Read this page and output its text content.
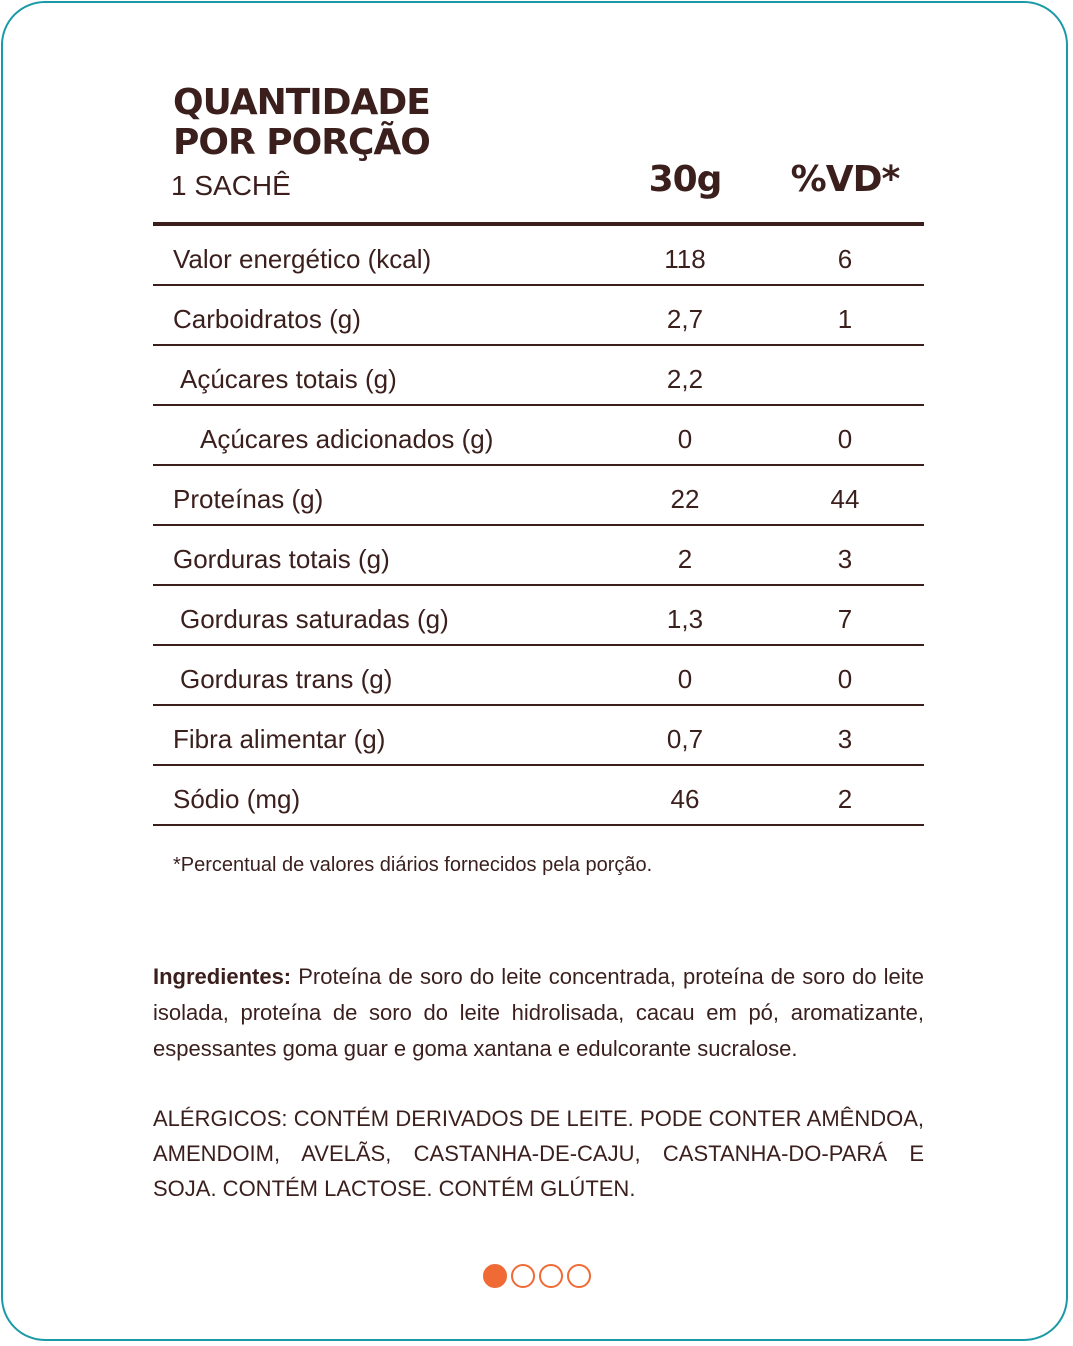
QUANTIDADE
POR PORÇÃO
1 SACHÊ	30g	%VD*
Valor energético (kcal)	118	6
Carboidratos (g)	2,7	1
Açúcares totais (g)	2,2
Açúcares adicionados (g)	0	0
Proteínas (g)	22	44
Gorduras totais (g)	2	3
Gorduras saturadas (g)	1,3	7
Gorduras trans (g)	0	0
Fibra alimentar (g)	0,7	3
Sódio (mg)	46	2
*Percentual de valores diários fornecidos pela porção.
Ingredientes: Proteína de soro do leite concentrada, proteína de soro do leite isolada, proteína de soro do leite hidrolisada, cacau em pó, aromatizante, espessantes goma guar e goma xantana e edulcorante sucralose.
ALÉRGICOS: CONTÉM DERIVADOS DE LEITE. PODE CONTER AMÊNDOA, AMENDOIM, AVELÃS, CASTANHA-DE-CAJU, CASTANHA-DO-PARÁ E SOJA. CONTÉM LACTOSE. CONTÉM GLÚTEN.
